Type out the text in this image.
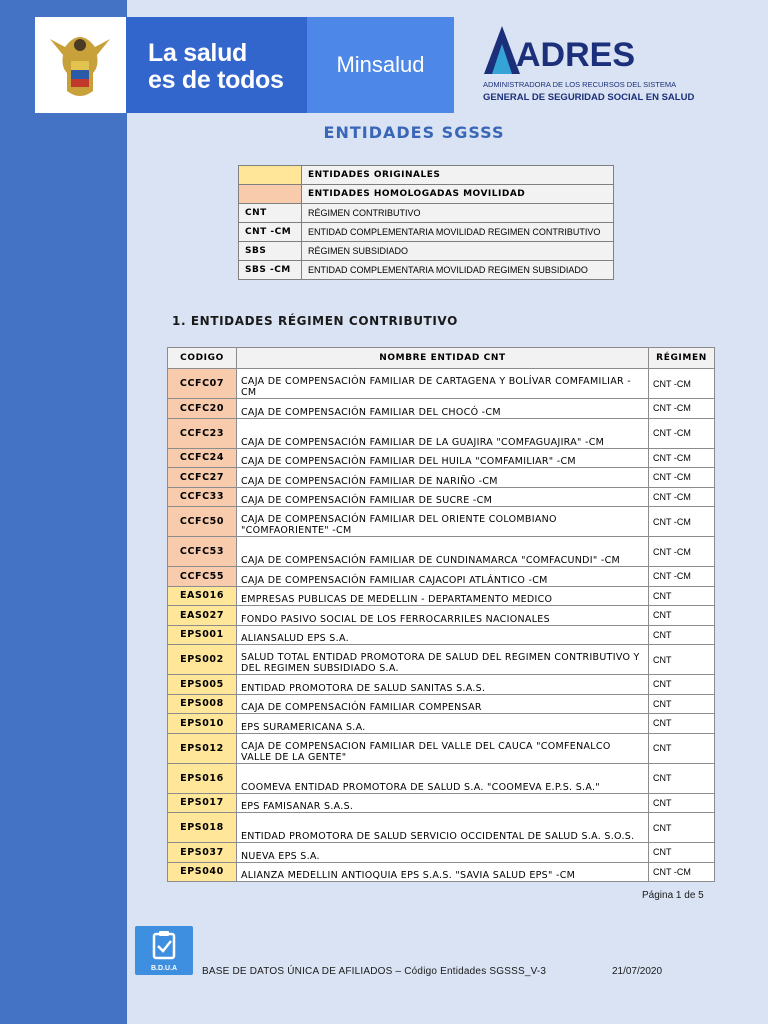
La salud
es de todos
Minsalud	ADRES
ADMINISTRADORA DE LOS RECURSOS DEL SISTEMA
GENERAL DE SEGURIDAD SOCIAL EN SALUD
ENTIDADES SGSSS
	ENTIDADES ORIGINALES
	ENTIDADES HOMOLOGADAS MOVILIDAD
CNT	RÉGIMEN CONTRIBUTIVO
CNT -CM	ENTIDAD COMPLEMENTARIA MOVILIDAD REGIMEN CONTRIBUTIVO
SBS	RÉGIMEN SUBSIDIADO
SBS -CM	ENTIDAD COMPLEMENTARIA MOVILIDAD REGIMEN SUBSIDIADO
1. ENTIDADES RÉGIMEN CONTRIBUTIVO
CODIGO	NOMBRE ENTIDAD CNT	RÉGIMEN
CCFC07	CAJA DE COMPENSACIÓN FAMILIAR DE CARTAGENA Y BOLÍVAR COMFAMILIAR -CM	CNT -CM
CCFC20	CAJA DE COMPENSACIÓN FAMILIAR DEL CHOCÓ -CM	CNT -CM
CCFC23	CAJA DE COMPENSACIÓN FAMILIAR DE LA GUAJIRA "COMFAGUAJIRA" -CM	CNT -CM
CCFC24	CAJA DE COMPENSACIÓN FAMILIAR DEL HUILA "COMFAMILIAR" -CM	CNT -CM
CCFC27	CAJA DE COMPENSACIÓN FAMILIAR DE NARIÑO -CM	CNT -CM
CCFC33	CAJA DE COMPENSACIÓN FAMILIAR DE SUCRE -CM	CNT -CM
CCFC50	CAJA DE COMPENSACIÓN FAMILIAR DEL ORIENTE COLOMBIANO "COMFAORIENTE" -CM	CNT -CM
CCFC53	CAJA DE COMPENSACIÓN FAMILIAR DE CUNDINAMARCA "COMFACUNDI" -CM	CNT -CM
CCFC55	CAJA DE COMPENSACIÓN FAMILIAR CAJACOPI ATLÁNTICO -CM	CNT -CM
EAS016	EMPRESAS PUBLICAS DE MEDELLIN - DEPARTAMENTO MEDICO	CNT
EAS027	FONDO PASIVO SOCIAL DE LOS FERROCARRILES NACIONALES	CNT
EPS001	ALIANSALUD EPS S.A.	CNT
EPS002	SALUD TOTAL ENTIDAD PROMOTORA DE SALUD DEL REGIMEN CONTRIBUTIVO Y DEL REGIMEN SUBSIDIADO S.A.	CNT
EPS005	ENTIDAD PROMOTORA DE SALUD SANITAS S.A.S.	CNT
EPS008	CAJA DE COMPENSACIÓN FAMILIAR COMPENSAR	CNT
EPS010	EPS SURAMERICANA S.A.	CNT
EPS012	CAJA DE COMPENSACION FAMILIAR DEL VALLE DEL CAUCA "COMFENALCO VALLE DE LA GENTE"	CNT
EPS016	COOMEVA ENTIDAD PROMOTORA DE SALUD S.A. "COOMEVA E.P.S. S.A."	CNT
EPS017	EPS FAMISANAR S.A.S.	CNT
EPS018	ENTIDAD PROMOTORA DE SALUD SERVICIO OCCIDENTAL DE SALUD S.A. S.O.S.	CNT
EPS037	NUEVA EPS S.A.	CNT
EPS040	ALIANZA MEDELLIN ANTIOQUIA EPS S.A.S. "SAVIA SALUD EPS" -CM	CNT -CM
Página 1 de 5
B.D.U.A BASE DE DATOS ÚNICA DE AFILIADOS – Código Entidades SGSSS_V-3	21/07/2020
